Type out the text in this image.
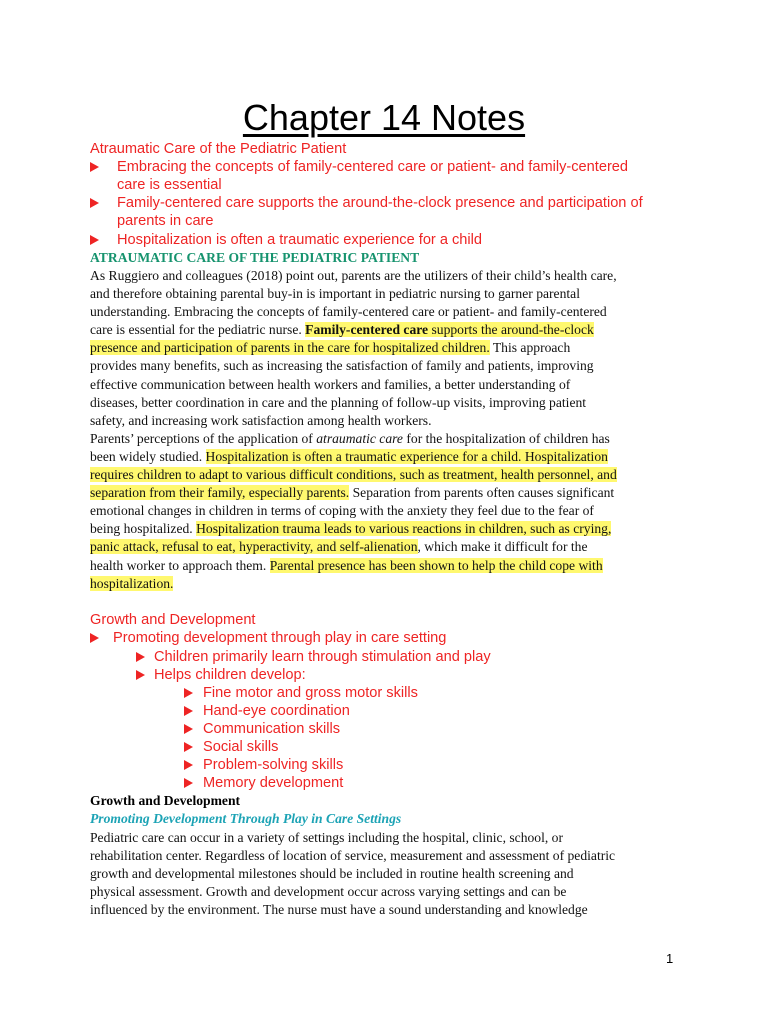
Chapter 14 Notes
Atraumatic Care of the Pediatric Patient
Embracing the concepts of family-centered care or patient- and family-centered
care is essential
Family-centered care supports the around-the-clock presence and participation of
parents in care
Hospitalization is often a traumatic experience for a child
ATRAUMATIC CARE OF THE PEDIATRIC PATIENT
As Ruggiero and colleagues (2018) point out, parents are the utilizers of their child’s health care,
and therefore obtaining parental buy-in is important in pediatric nursing to garner parental
understanding. Embracing the concepts of family-centered care or patient- and family-centered
care is essential for the pediatric nurse. Family-centered care supports the around-the-clock
presence and participation of parents in the care for hospitalized children. This approach
provides many benefits, such as increasing the satisfaction of family and patients, improving
effective communication between health workers and families, a better understanding of
diseases, better coordination in care and the planning of follow-up visits, improving patient
safety, and increasing work satisfaction among health workers.
Parents’ perceptions of the application of atraumatic care for the hospitalization of children has
been widely studied. Hospitalization is often a traumatic experience for a child. Hospitalization
requires children to adapt to various difficult conditions, such as treatment, health personnel, and
separation from their family, especially parents. Separation from parents often causes significant
emotional changes in children in terms of coping with the anxiety they feel due to the fear of
being hospitalized. Hospitalization trauma leads to various reactions in children, such as crying,
panic attack, refusal to eat, hyperactivity, and self-alienation, which make it difficult for the
health worker to approach them. Parental presence has been shown to help the child cope with
hospitalization.
Growth and Development
Promoting development through play in care setting
Children primarily learn through stimulation and play
Helps children develop:
Fine motor and gross motor skills
Hand-eye coordination
Communication skills
Social skills
Problem-solving skills
Memory development
Growth and Development
Promoting Development Through Play in Care Settings
Pediatric care can occur in a variety of settings including the hospital, clinic, school, or
rehabilitation center. Regardless of location of service, measurement and assessment of pediatric
growth and developmental milestones should be included in routine health screening and
physical assessment. Growth and development occur across varying settings and can be
influenced by the environment. The nurse must have a sound understanding and knowledge
1
